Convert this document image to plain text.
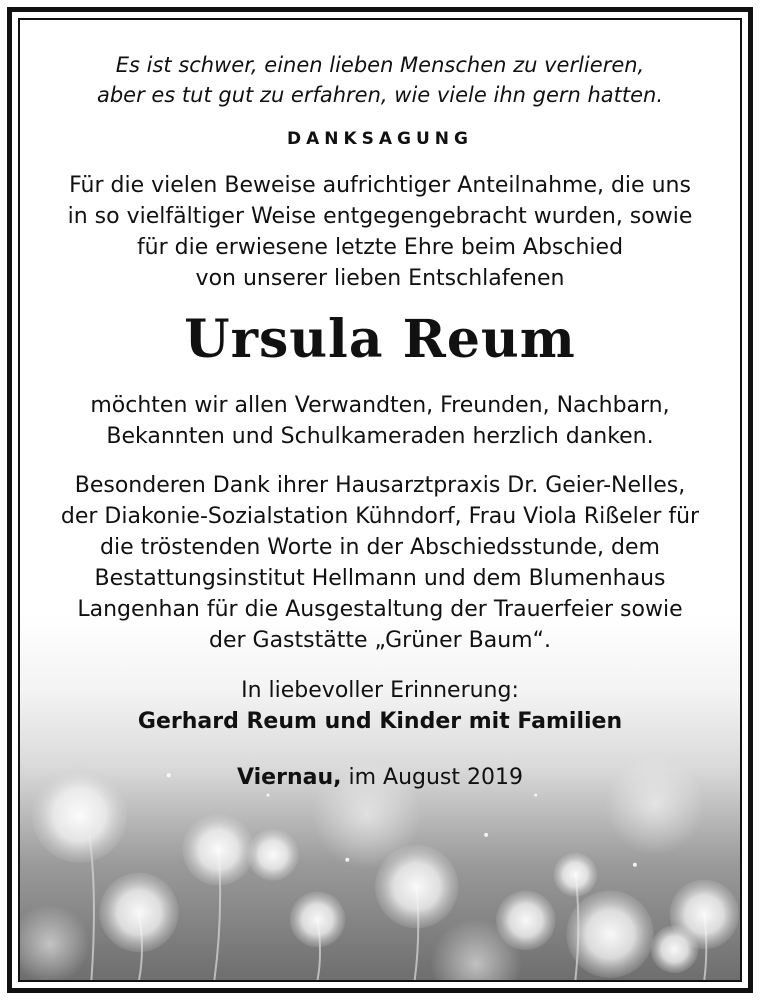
Es ist schwer, einen lieben Menschen zu verlieren,
aber es tut gut zu erfahren, wie viele ihn gern hatten.
DANKSAGUNG
Für die vielen Beweise aufrichtiger Anteilnahme, die uns
in so vielfältiger Weise entgegengebracht wurden, sowie
für die erwiesene letzte Ehre beim Abschied
von unserer lieben Entschlafenen
Ursula Reum
möchten wir allen Verwandten, Freunden, Nachbarn,
Bekannten und Schulkameraden herzlich danken.
Besonderen Dank ihrer Hausarztpraxis Dr. Geier-Nelles,
der Diakonie-Sozialstation Kühndorf, Frau Viola Rißeler für
die tröstenden Worte in der Abschiedsstunde, dem
Bestattungsinstitut Hellmann und dem Blumenhaus
Langenhan für die Ausgestaltung der Trauerfeier sowie
der Gaststätte „Grüner Baum“.
In liebevoller Erinnerung:
Gerhard Reum und Kinder mit Familien
Viernau, im August 2019
